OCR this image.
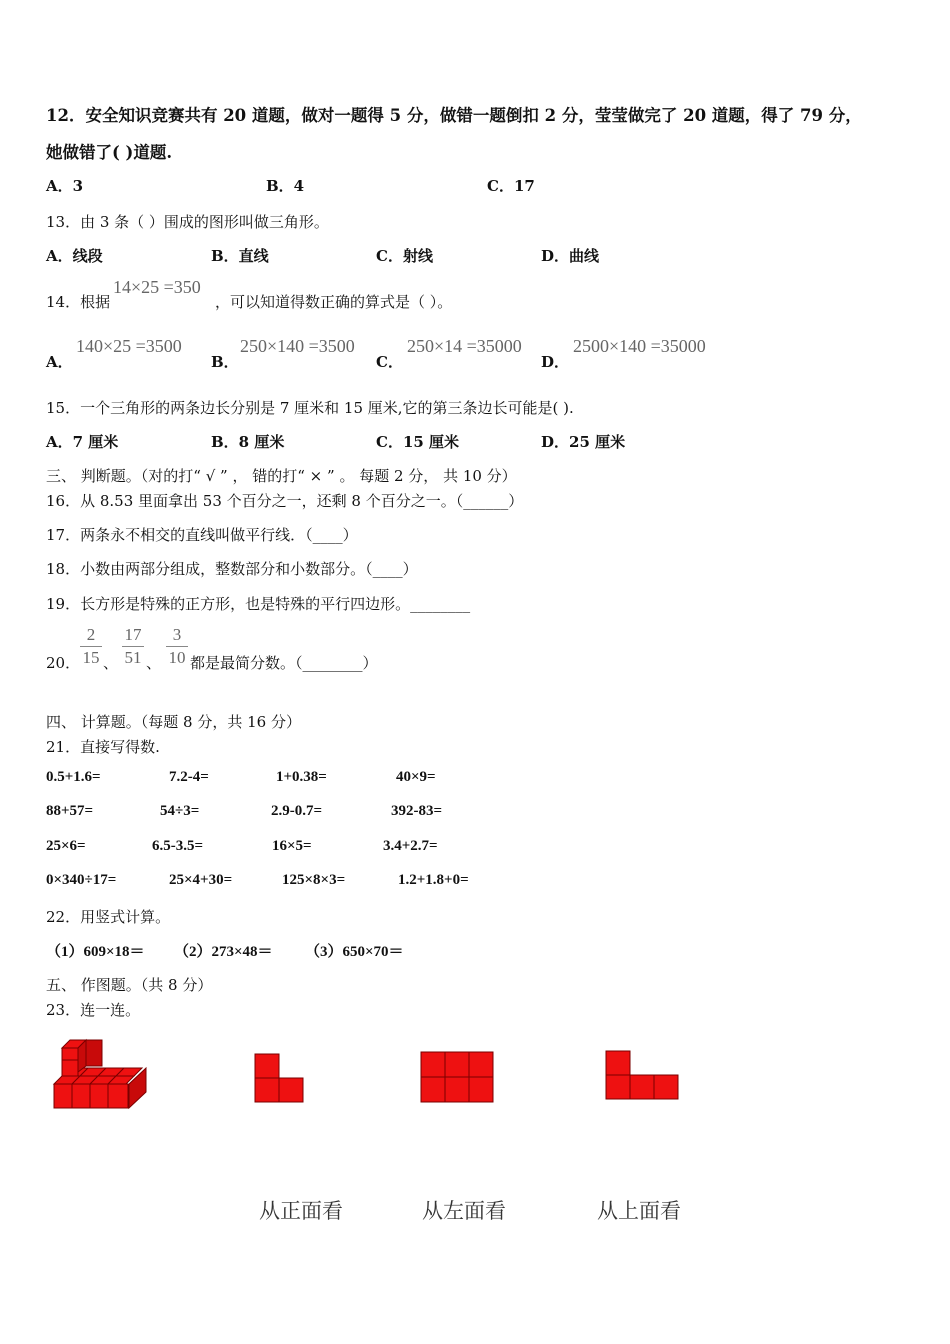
12．安全知识竞赛共有 20 道题，做对一题得 5 分，做错一题倒扣 2 分，莹莹做完了 20 道题，得了 79 分，
她做错了( )道题.
A．3	B．4	C．17
13．由 3 条（ ）围成的图形叫做三角形。
A．线段	B．直线	C．射线	D．曲线
14．根据
14×25 =350
，可以知道得数正确的算式是（ ）。
A．
140×25 =3500
B．
250×140 =3500
C．
250×14 =35000
D．
2500×140 =35000
15．一个三角形的两条边长分别是 7 厘米和 15 厘米,它的第三条边长可能是( ).
A．7 厘米	B．8 厘米	C．15 厘米	D．25 厘米
三、 判断题。（对的打“ √ ” ， 错的打“ × ” 。 每题 2 分， 共 10 分）
16．从 8.53 里面拿出 53 个百分之一，还剩 8 个百分之一。（______）
17．两条永不相交的直线叫做平行线．（____）
18．小数由两部分组成，整数部分和小数部分。（____）
19．长方形是特殊的正方形，也是特殊的平行四边形。________
20．
2
15 、
17
51 、
3
10 都是最简分数。（________）
四、 计算题。（每题 8 分，共 16 分）
21．直接写得数.
0.5+1.6=	7.2-4=	1+0.38=	40×9=
88+57=	54÷3=	2.9-0.7=	392-83=
25×6=	6.5-3.5=	16×5=	3.4+2.7=
0×340÷17=	25×4+30=	125×8×3=	1.2+1.8+0=
22．用竖式计算。
（1）609×18＝ （2）273×48＝ （3）650×70＝
五、 作图题。（共 8 分）
23．连一连。
从正面看	从左面看	从上面看
